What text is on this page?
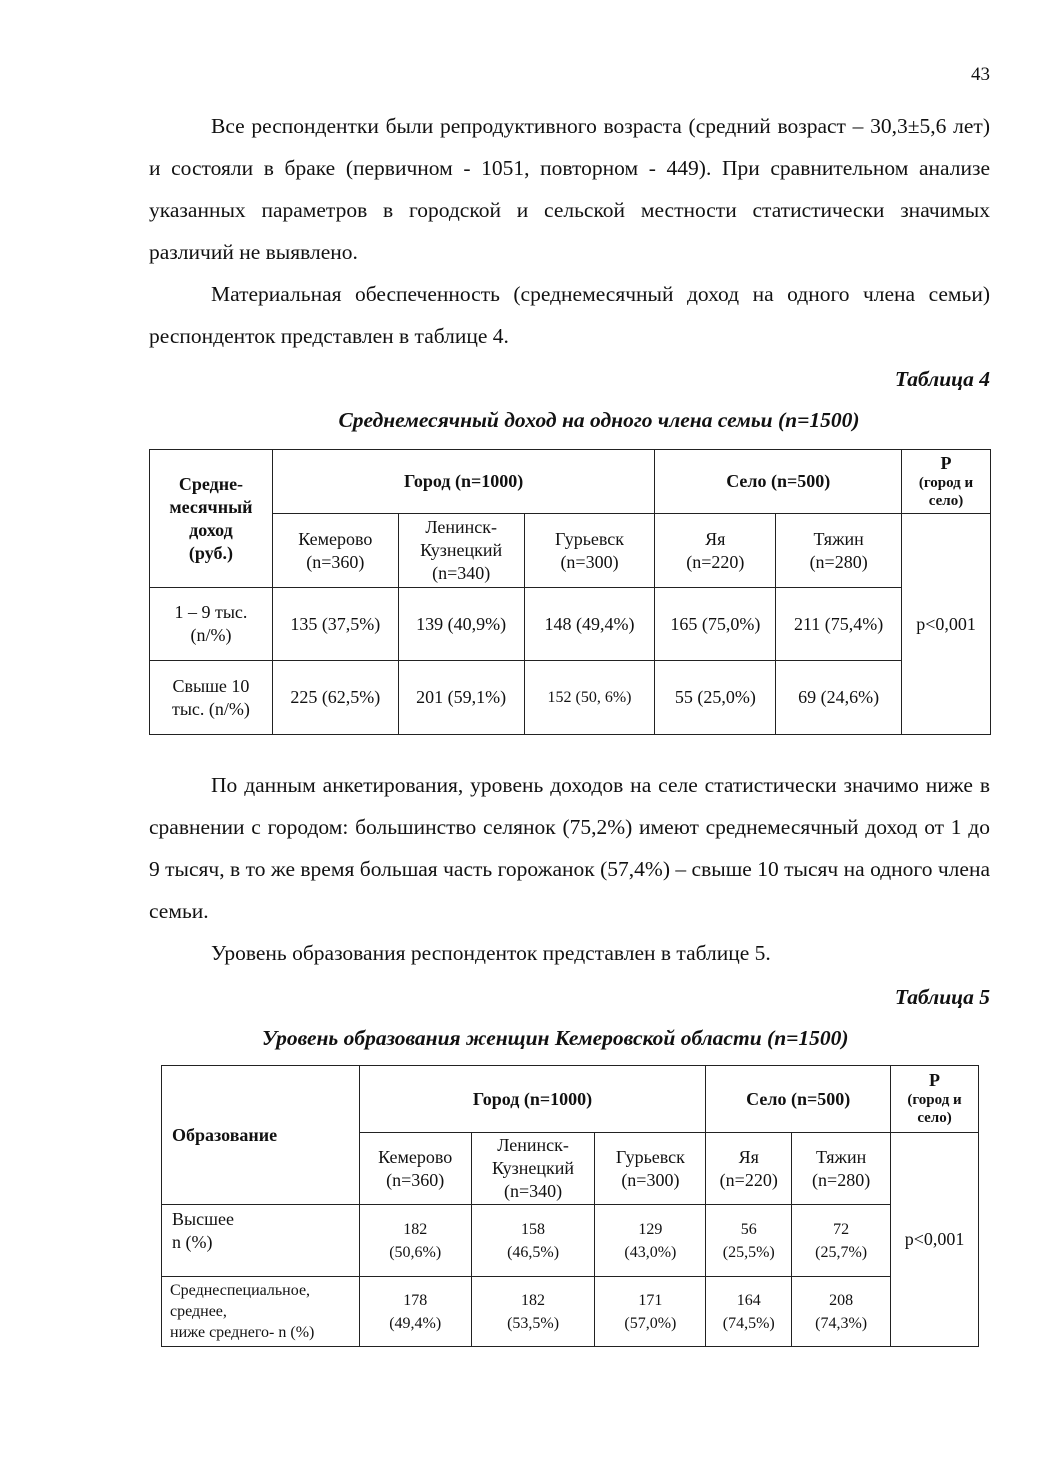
43

Все респондентки были репродуктивного возраста (средний возраст – 30,3±5,6 лет) и состояли в браке (первичном - 1051, повторном - 449). При сравнительном анализе указанных параметров в городской и сельской местности статистически значимых различий не выявлено.

Материальная обеспеченность (среднемесячный доход на одного члена семьи) респонденток представлен в таблице 4.

Таблица 4
Среднемесячный доход на одного члена семьи (n=1500)
Средне-
месячный
доход
(руб.)	Город (n=1000)			Село (n=500)		P
(город и село)
	Кемерово
(n=360)	Ленинск-
Кузнецкий
(n=340)	Гурьевск
(n=300)	Яя
(n=220)	Тяжин
(n=280)	p<0,001
1 – 9 тыс.
(n/%)	135 (37,5%)	139 (40,9%)	148 (49,4%)	165 (75,0%)	211 (75,4%)	
Свыше 10
тыс. (n/%)	225 (62,5%)	201 (59,1%)	152 (50, 6%)	55 (25,0%)	69 (24,6%)	

По данным анкетирования, уровень доходов на селе статистически значимо ниже в сравнении с городом: большинство селянок (75,2%) имеют среднемесячный доход от 1 до 9 тысяч, в то же время большая часть горожанок (57,4%) – свыше 10 тысяч на одного члена семьи.

Уровень образования респонденток представлен в таблице 5.

Таблица 5
Уровень образования женщин Кемеровской области (n=1500)
Образование	Город (n=1000)			Село (n=500)		P
(город и село)
	Кемерово
(n=360)	Ленинск-
Кузнецкий
(n=340)	Гурьевск
(n=300)	Яя
(n=220)	Тяжин
(n=280)	p<0,001
Высшее
n (%)	182
(50,6%)	158
(46,5%)	129
(43,0%)	56
(25,5%)	72
(25,7%)	
Среднеспециальное,
среднее,
ниже среднего- n (%)	178
(49,4%)	182
(53,5%)	171
(57,0%)	164
(74,5%)	208
(74,3%)	
